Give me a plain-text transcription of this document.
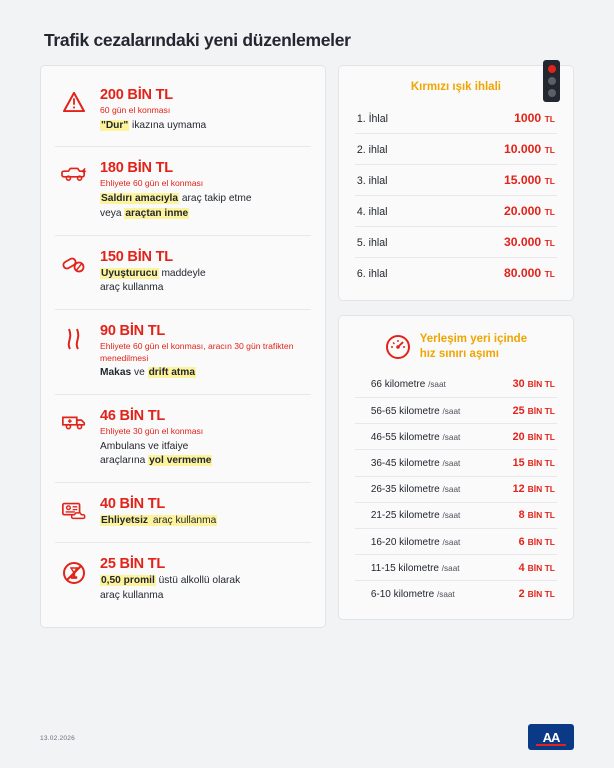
Trafik cezalarındaki yeni düzenlemeler
200 BİN TL
60 gün el konması
"Dur" ikazına uymama
180 BİN TL
Ehliyete 60 gün el konması
Saldırı amacıyla araç takip etme
veya araçtan inme
150 BİN TL
Uyuşturucu maddeyle
araç kullanma
90 BİN TL
Ehliyete 60 gün el konması, aracın 30 gün trafikten menedilmesi
Makas ve drift atma
46 BİN TL
Ehliyete 30 gün el konması
Ambulans ve itfaiye
araçlarına yol vermeme
40 BİN TL
Ehliyetsiz araç kullanma
25 BİN TL
0,50 promil üstü alkollü olarak
araç kullanma
Kırmızı ışık ihlali
1. İhlal	1000 TL
2. ihlal	10.000 TL
3. ihlal	15.000 TL
4. ihlal	20.000 TL
5. ihlal	30.000 TL
6. ihlal	80.000 TL
Yerleşim yeri içinde
hız sınırı aşımı
66 kilometre /saat	30 BİN TL
56-65 kilometre /saat	25 BİN TL
46-55 kilometre /saat	20 BİN TL
36-45 kilometre /saat	15 BİN TL
26-35 kilometre /saat	12 BİN TL
21-25 kilometre /saat	8 BİN TL
16-20 kilometre /saat	6 BİN TL
11-15 kilometre /saat	4 BİN TL
6-10 kilometre /saat	2 BİN TL
13.02.2026	AA
